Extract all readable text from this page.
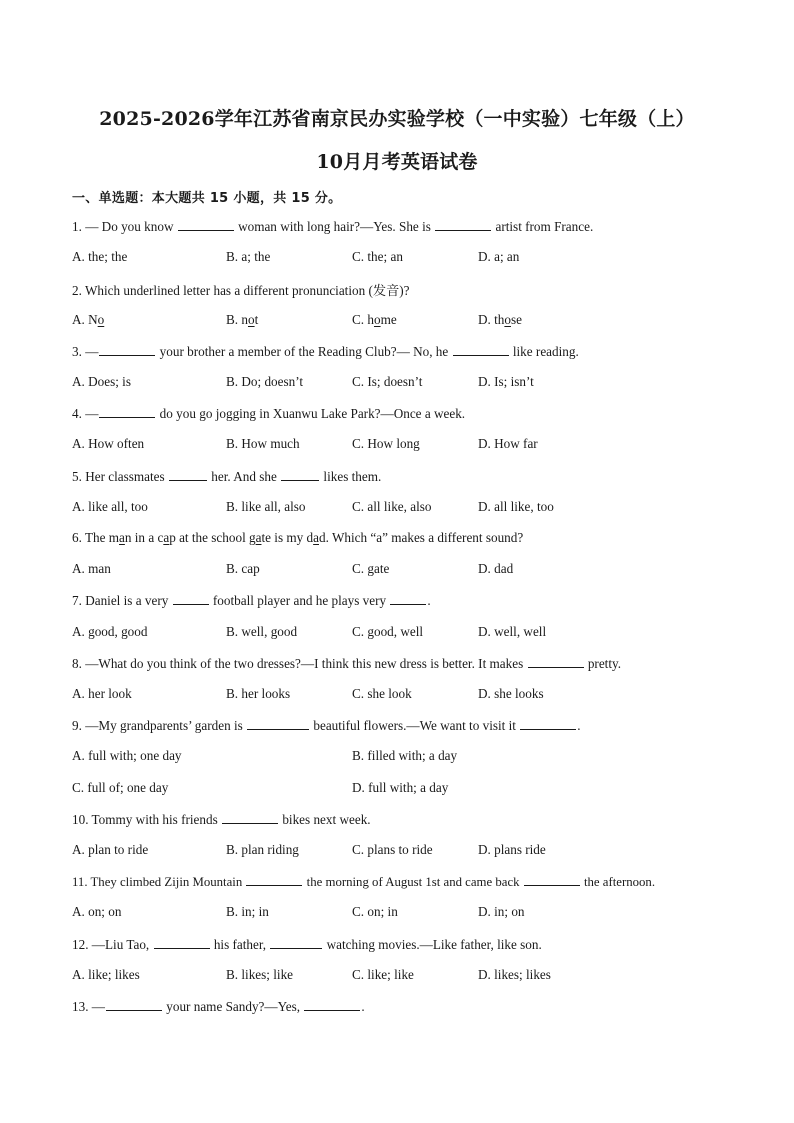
2025-2026学年江苏省南京民办实验学校（一中实验）七年级（上）
10月月考英语试卷
一、单选题：本大题共 15 小题，共 15 分。
1. — Do you know	woman with long hair?—Yes. She is	artist from France.
A. the; the	B. a; the	C. the; an	D. a; an
2. Which underlined letter has a different pronunciation (发音)?
A. No	B. not	C. home	D. those
3. —	your brother a member of the Reading Club?— No, he	like reading.
A. Does; is	B. Do; doesn’t	C. Is; doesn’t	D. Is; isn’t
4. —	do you go jogging in Xuanwu Lake Park?—Once a week.
A. How often	B. How much	C. How long	D. How far
5. Her classmates	her. And she	likes them.
A. like all, too	B. like all, also	C. all like, also	D. all like, too
6. The man in a cap at the school gate is my dad. Which “a” makes a different sound?
A. man	B. cap	C. gate	D. dad
7. Daniel is a very	football player and he plays very	.
A. good, good	B. well, good	C. good, well	D. well, well
8. —What do you think of the two dresses?—I think this new dress is better. It makes	pretty.
A. her look	B. her looks	C. she look	D. she looks
9. —My grandparents’ garden is	beautiful flowers.—We want to visit it	.
A. full with; one day	B. filled with; a day
C. full of; one day	D. full with; a day
10. Tommy with his friends	bikes next week.
A. plan to ride	B. plan riding	C. plans to ride	D. plans ride
11. They climbed Zijin Mountain	the morning of August 1st and came back	the afternoon.
A. on; on	B. in; in	C. on; in	D. in; on
12. —Liu Tao,	his father,	watching movies.—Like father, like son.
A. like; likes	B. likes; like	C. like; like	D. likes; likes
13. —	your name Sandy?—Yes,	.
